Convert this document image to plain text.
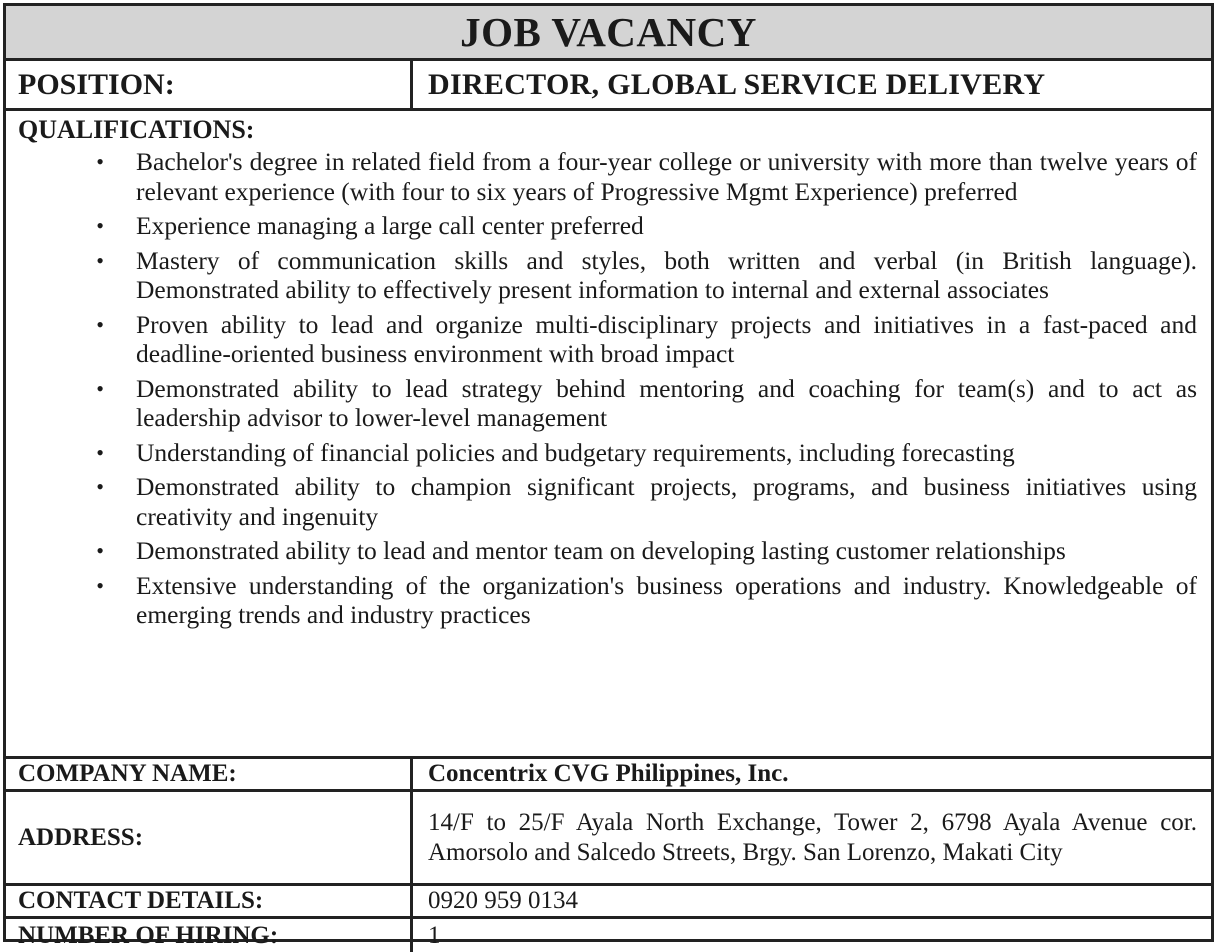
JOB VACANCY
POSITION:	DIRECTOR, GLOBAL SERVICE DELIVERY
QUALIFICATIONS:
•	Bachelor's degree in related field from a four-year college or university with more than twelve years of relevant experience (with four to six years of Progressive Mgmt Experience) preferred
•	Experience managing a large call center preferred
•	Mastery of communication skills and styles, both written and verbal (in British language). Demonstrated ability to effectively present information to internal and external associates
•	Proven ability to lead and organize multi-disciplinary projects and initiatives in a fast-paced and deadline-oriented business environment with broad impact
•	Demonstrated ability to lead strategy behind mentoring and coaching for team(s) and to act as leadership advisor to lower-level management
•	Understanding of financial policies and budgetary requirements, including forecasting
•	Demonstrated ability to champion significant projects, programs, and business initiatives using creativity and ingenuity
•	Demonstrated ability to lead and mentor team on developing lasting customer relationships
•	Extensive understanding of the organization's business operations and industry. Knowledgeable of emerging trends and industry practices
COMPANY NAME:	Concentrix CVG Philippines, Inc.
ADDRESS:
14/F to 25/F Ayala North Exchange, Tower 2, 6798 Ayala Avenue cor. Amorsolo and Salcedo Streets, Brgy. San Lorenzo, Makati City
CONTACT DETAILS:	0920 959 0134
NUMBER OF HIRING:	1
